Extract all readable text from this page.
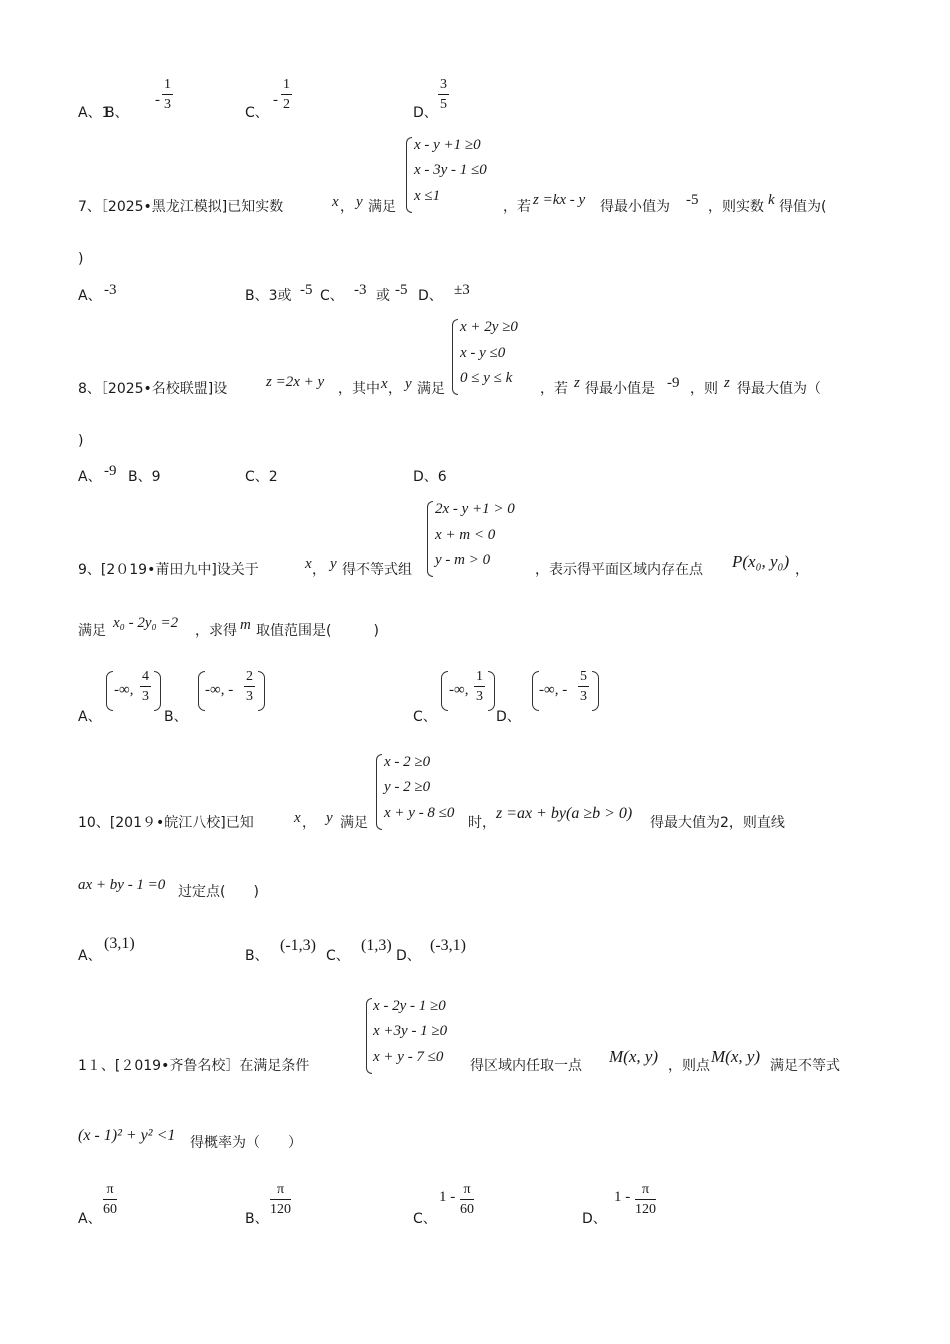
A、1
B、
- $\frac{1}{3}$
C、
- $\frac{1}{2}$
D、
$\frac{3}{5}$
7、［2025•黑龙江模拟]已知实数	x ， y 满足
x - y +1 ≥0
x - 3y - 1 ≤0
x ≤1
，若 z =kx - y 得最小值为 -5 ，则实数 k 得值为(
)
A、 -3	B、3或 -5 C、 -3 或 -5 D、 ±3
8、［2025•名校联盟]设	z =2x + y ，其中 x ， y 满足
x + 2y ≥0
x - y ≤0
0 ≤ y ≤ k
，若 z 得最小值是 -9 ，则 z 得最大值为（
)
A、 -9 B、9	C、2	D、6
9、[2０19•莆田九中]设关于	x ， y 得不等式组
2x - y +1 > 0
x + m < 0
y - m > 0
，表示得平面区域内存在点 P(x₀, y₀) ，
满足 x₀ - 2y₀ =2 ，求得 m 取值范围是(　　　)
A、
-∞, $\frac{4}{3}$
B、
-∞, - $\frac{2}{3}$
C、
-∞, $\frac{1}{3}$
D、
-∞, - $\frac{5}{3}$
10、[201９•皖江八校]已知	x ， y 满足
x - 2 ≥0
y - 2 ≥0
x + y - 8 ≤0
时，
z =ax + by(a ≥b > 0)
得最大值为2，则直线
ax + by - 1 =0 过定点(　　)
A、
(3,1)
B、
(-1,3)
C、
(1,3)
D、
(-3,1)
1１、[２019•齐鲁名校］在满足条件
x - 2y - 1 ≥0
x +3y - 1 ≥0
x + y - 7 ≤0
得区域内任取一点 M(x, y) ，则点 M(x, y) 满足不等式
(x - 1)² + y² <1 得概率为（　　）
A、
$\frac{\pi}{60}$
B、
$\frac{\pi}{120}$
C、
$1 - \frac{\pi}{60}$
D、
$1 - \frac{\pi}{120}$
